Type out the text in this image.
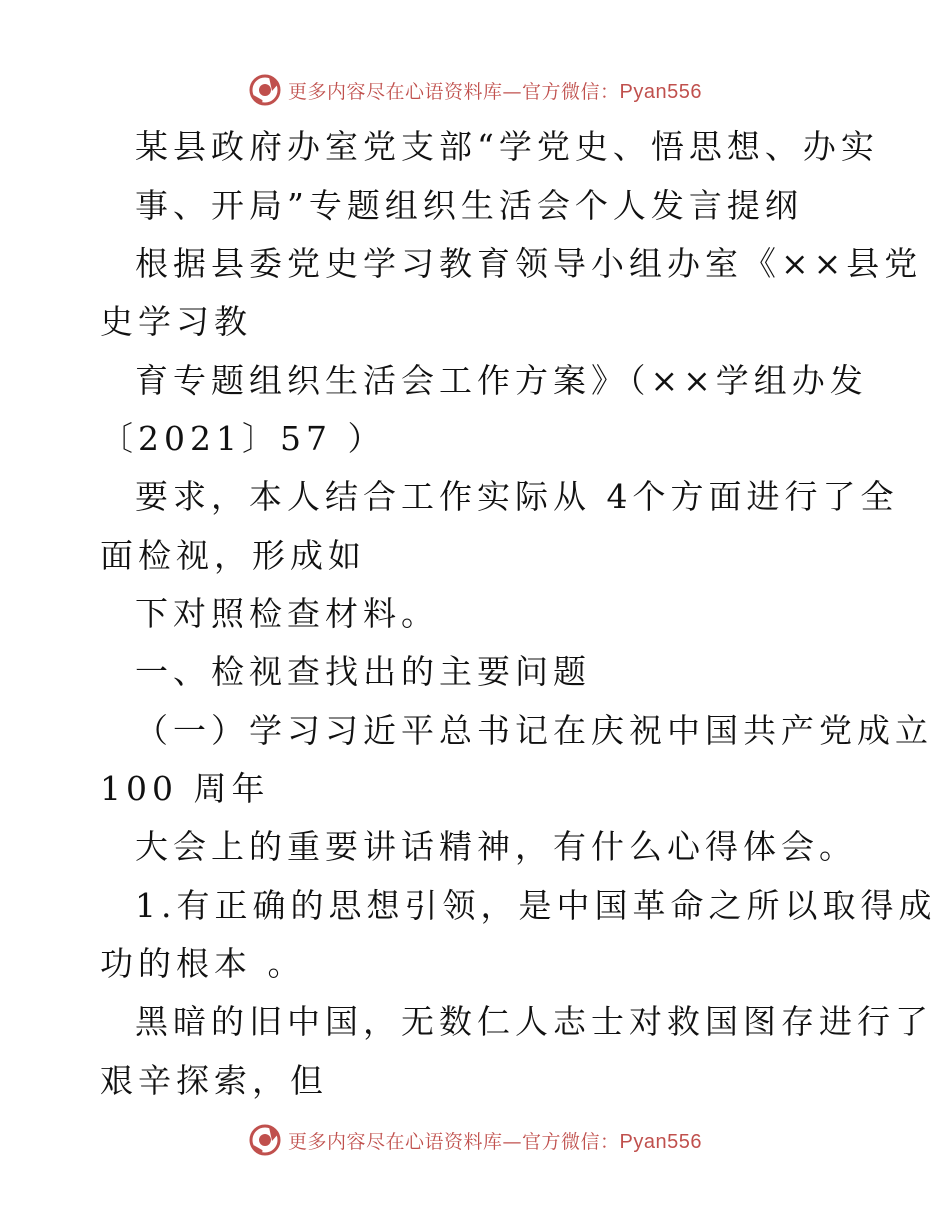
更多内容尽在心语资料库—官方微信：Pyan556
某县政府办室党支部“学党史、悟思想、办实
事、开局”专题组织生活会个人发言提纲
根据县委党史学习教育领导小组办室《××县党
史学习教
育专题组织生活会工作方案》（××学组办发
〔2021〕57 ）
要求，本人结合工作实际从 4个方面进行了全
面检视，形成如
下对照检查材料。
一、检视查找出的主要问题
（一）学习习近平总书记在庆祝中国共产党成立
100 周年
大会上的重要讲话精神，有什么心得体会。
1.有正确的思想引领，是中国革命之所以取得成
功的根本 。
黑暗的旧中国，无数仁人志士对救国图存进行了
艰辛探索，但
更多内容尽在心语资料库—官方微信：Pyan556
